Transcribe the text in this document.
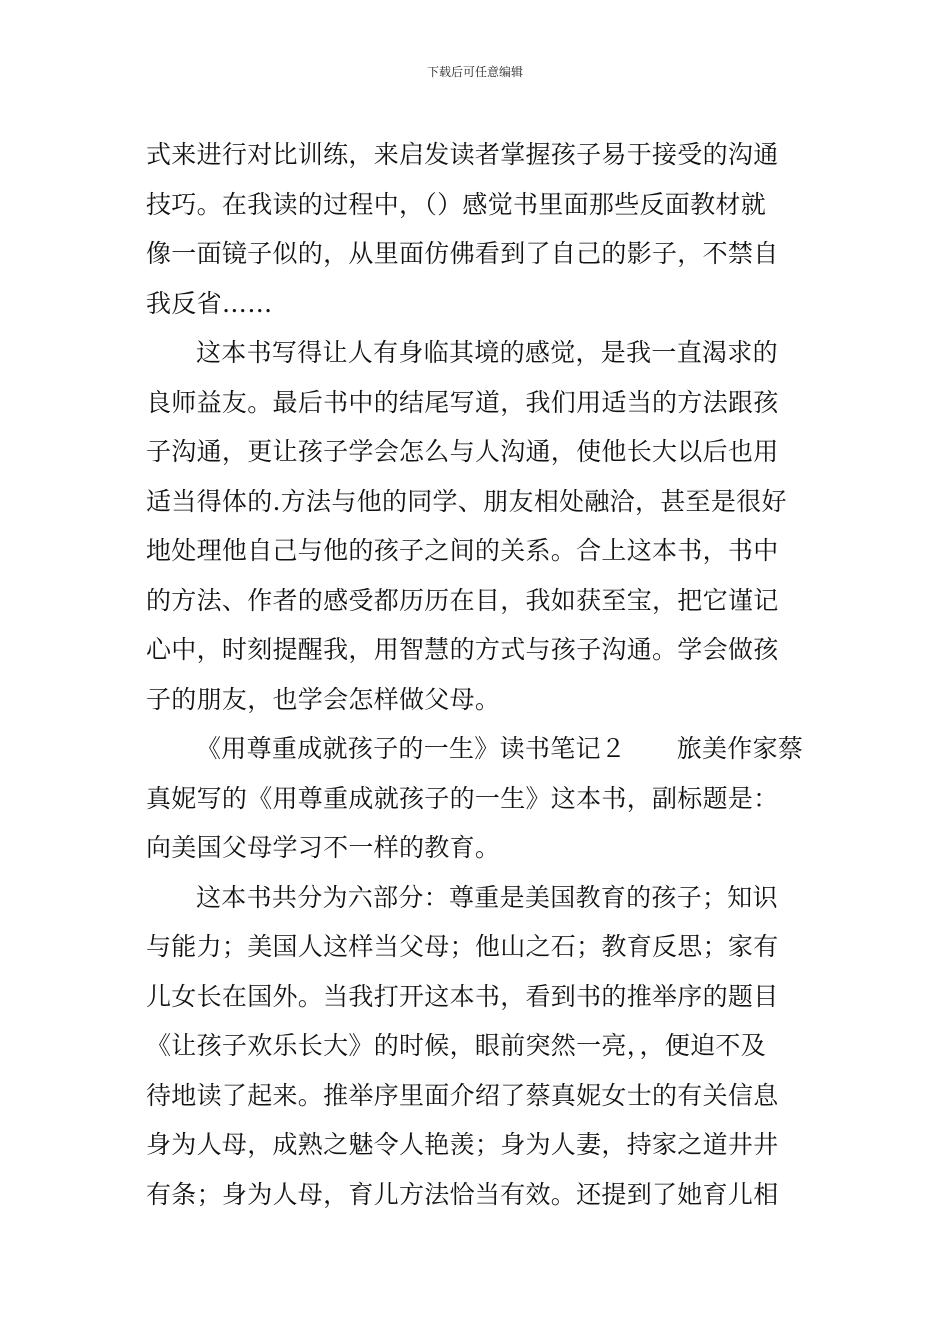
下载后可任意编辑
式来进行对比训练，来启发读者掌握孩子易于接受的沟通
技巧。在我读的过程中，（）感觉书里面那些反面教材就
像一面镜子似的，从里面仿佛看到了自己的影子，不禁自
我反省……
这本书写得让人有身临其境的感觉，是我一直渴求的
良师益友。最后书中的结尾写道，我们用适当的方法跟孩
子沟通，更让孩子学会怎么与人沟通，使他长大以后也用
适当得体的.方法与他的同学、朋友相处融洽，甚至是很好
地处理他自己与他的孩子之间的关系。合上这本书，书中
的方法、作者的感受都历历在目，我如获至宝，把它谨记
心中，时刻提醒我，用智慧的方式与孩子沟通。学会做孩
子的朋友，也学会怎样做父母。
《用尊重成就孩子的一生》读书笔记２　　旅美作家蔡
真妮写的《用尊重成就孩子的一生》这本书，副标题是：
向美国父母学习不一样的教育。
这本书共分为六部分：尊重是美国教育的孩子；知识
与能力；美国人这样当父母；他山之石；教育反思；家有
儿女长在国外。当我打开这本书，看到书的推举序的题目
《让孩子欢乐长大》的时候，眼前突然一亮，，便迫不及
待地读了起来。推举序里面介绍了蔡真妮女士的有关信息
身为人母，成熟之魅令人艳羡；身为人妻，持家之道井井
有条；身为人母，育儿方法恰当有效。还提到了她育儿相
